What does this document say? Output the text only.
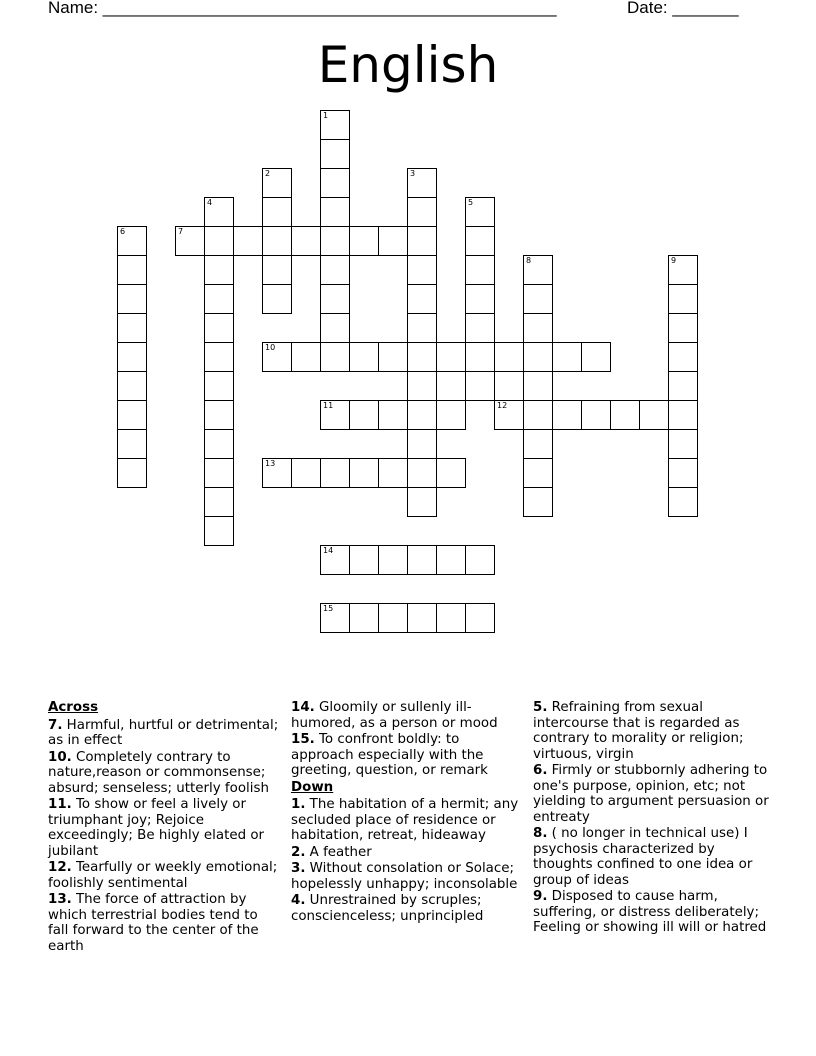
Name: ________________________________________________	Date: _______
English
1
2	3
4	5
6	7
8	9
10
11	12
13
14
15
Across
7. Harmful, hurtful or detrimental; as in effect
10. Completely contrary to nature,reason or commonsense; absurd; senseless; utterly foolish
11. To show or feel a lively or triumphant joy; Rejoice exceedingly; Be highly elated or jubilant
12. Tearfully or weekly emotional; foolishly sentimental
13. The force of attraction by which terrestrial bodies tend to fall forward to the center of the earth
14. Gloomily or sullenly ill-humored, as a person or mood
15. To confront boldly: to approach especially with the greeting, question, or remark
Down
1. The habitation of a hermit; any secluded place of residence or habitation, retreat, hideaway
2. A feather
3. Without consolation or Solace; hopelessly unhappy; inconsolable
4. Unrestrained by scruples; conscienceless; unprincipled
5. Refraining from sexual intercourse that is regarded as contrary to morality or religion; virtuous, virgin
6. Firmly or stubbornly adhering to one's purpose, opinion, etc; not yielding to argument persuasion or entreaty
8. ( no longer in technical use) I psychosis characterized by thoughts confined to one idea or group of ideas
9. Disposed to cause harm, suffering, or distress deliberately; Feeling or showing ill will or hatred
